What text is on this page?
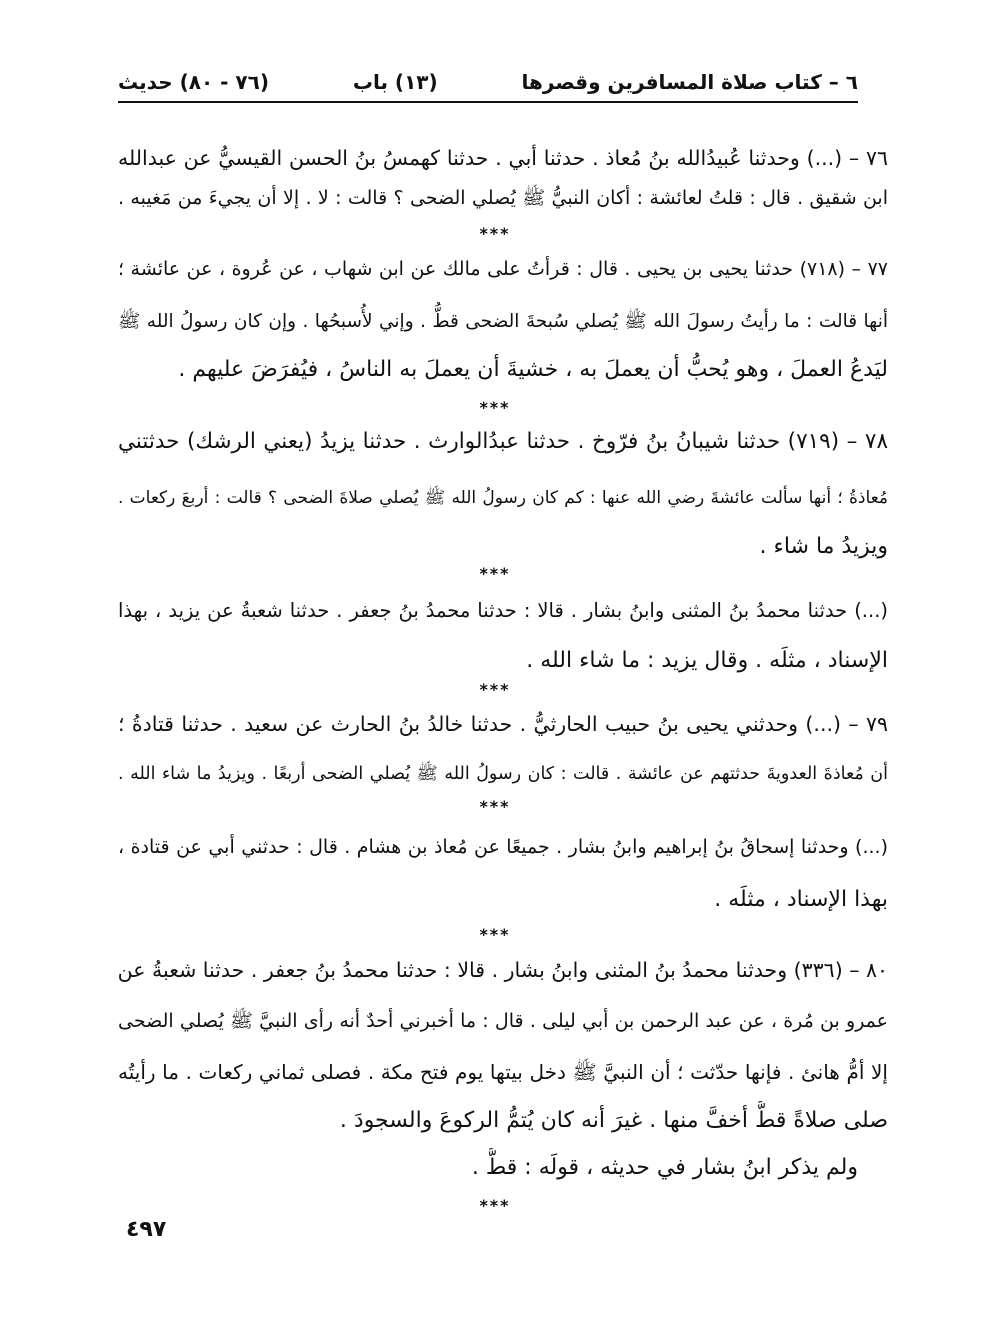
٦ – كتاب صلاة المسافرين وقصرها
(١٣) باب
(٧٦ - ٨٠) حديث
٧٦ – (...) وحدثنا عُبيدُالله بنُ مُعاذ . حدثنا أبي . حدثنا كهمسُ بنُ الحسن القيسيُّ عن عبدالله
ابن شقيق . قال : قلتُ لعائشة : أكان النبيُّ ﷺ يُصلي الضحى ؟ قالت : لا . إلا أن يجيءَ من مَغيبه .
***
٧٧ – (٧١٨) حدثنا يحيى بن يحيى . قال : قرأتُ على مالك عن ابن شهاب ، عن عُروة ، عن عائشة ؛
أنها قالت : ما رأيتُ رسولَ الله ﷺ يُصلي سُبحةَ الضحى قطُّ . وإني لأُسبحُها . وإن كان رسولُ الله ﷺ
ليَدعُ العملَ ، وهو يُحبُّ أن يعملَ به ، خشيةَ أن يعملَ به الناسُ ، فيُفرَضَ عليهم .
***
٧٨ – (٧١٩) حدثنا شيبانُ بنُ فرّوخ . حدثنا عبدُالوارث . حدثنا يزيدُ (يعني الرشك) حدثتني
مُعاذةُ ؛ أنها سألت عائشةَ رضي الله عنها : كم كان رسولُ الله ﷺ يُصلي صلاةَ الضحى ؟ قالت : أربعَ ركعات .
ويزيدُ ما شاء .
***
(...) حدثنا محمدُ بنُ المثنى وابنُ بشار . قالا : حدثنا محمدُ بنُ جعفر . حدثنا شعبةُ عن يزيد ، بهذا
الإسناد ، مثلَه . وقال يزيد : ما شاء الله .
***
٧٩ – (...) وحدثني يحيى بنُ حبيب الحارثيُّ . حدثنا خالدُ بنُ الحارث عن سعيد . حدثنا قتادةُ ؛
أن مُعاذةَ العدويةَ حدثتهم عن عائشة . قالت : كان رسولُ الله ﷺ يُصلي الضحى أربعًا . ويزيدُ ما شاء الله .
***
(...) وحدثنا إسحاقُ بنُ إبراهيم وابنُ بشار . جميعًا عن مُعاذ بن هشام . قال : حدثني أبي عن قتادة ،
بهذا الإسناد ، مثلَه .
***
٨٠ – (٣٣٦) وحدثنا محمدُ بنُ المثنى وابنُ بشار . قالا : حدثنا محمدُ بنُ جعفر . حدثنا شعبةُ عن
عمرو بن مُرة ، عن عبد الرحمن بن أبي ليلى . قال : ما أخبرني أحدٌ أنه رأى النبيَّ ﷺ يُصلي الضحى
إلا أمُّ هانئ . فإنها حدّثت ؛ أن النبيَّ ﷺ دخل بيتها يوم فتح مكة . فصلى ثماني ركعات . ما رأيتُه
صلى صلاةً قطُّ أخفَّ منها . غيرَ أنه كان يُتمُّ الركوعَ والسجودَ .
ولم يذكر ابنُ بشار في حديثه ، قولَه : قطُّ .
***
٤٩٧
